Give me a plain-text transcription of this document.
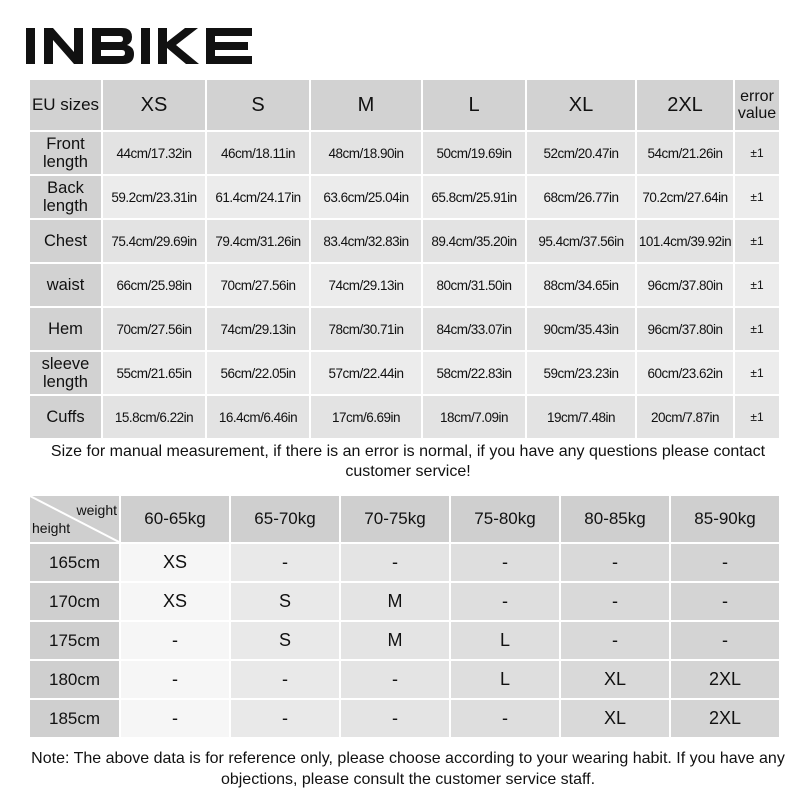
EU sizes	XS	S	M	L	XL	2XL	error value
Front length	44cm/17.32in	46cm/18.11in	48cm/18.90in	50cm/19.69in	52cm/20.47in	54cm/21.26in	±1
Back length	59.2cm/23.31in	61.4cm/24.17in	63.6cm/25.04in	65.8cm/25.91in	68cm/26.77in	70.2cm/27.64in	±1
Chest	75.4cm/29.69in	79.4cm/31.26in	83.4cm/32.83in	89.4cm/35.20in	95.4cm/37.56in	101.4cm/39.92in	±1
waist	66cm/25.98in	70cm/27.56in	74cm/29.13in	80cm/31.50in	88cm/34.65in	96cm/37.80in	±1
Hem	70cm/27.56in	74cm/29.13in	78cm/30.71in	84cm/33.07in	90cm/35.43in	96cm/37.80in	±1
sleeve length	55cm/21.65in	56cm/22.05in	57cm/22.44in	58cm/22.83in	59cm/23.23in	60cm/23.62in	±1
Cuffs	15.8cm/6.22in	16.4cm/6.46in	17cm/6.69in	18cm/7.09in	19cm/7.48in	20cm/7.87in	±1
Size for manual measurement, if there is an error is normal, if you have any questions please contact customer service!
weight
height	60-65kg	65-70kg	70-75kg	75-80kg	80-85kg	85-90kg
165cm	XS	-	-	-	-	-
170cm	XS	S	M	-	-	-
175cm	-	S	M	L	-	-
180cm	-	-	-	L	XL	2XL
185cm	-	-	-	-	XL	2XL
Note: The above data is for reference only, please choose according to your wearing habit. If you have any objections, please consult the customer service staff.
